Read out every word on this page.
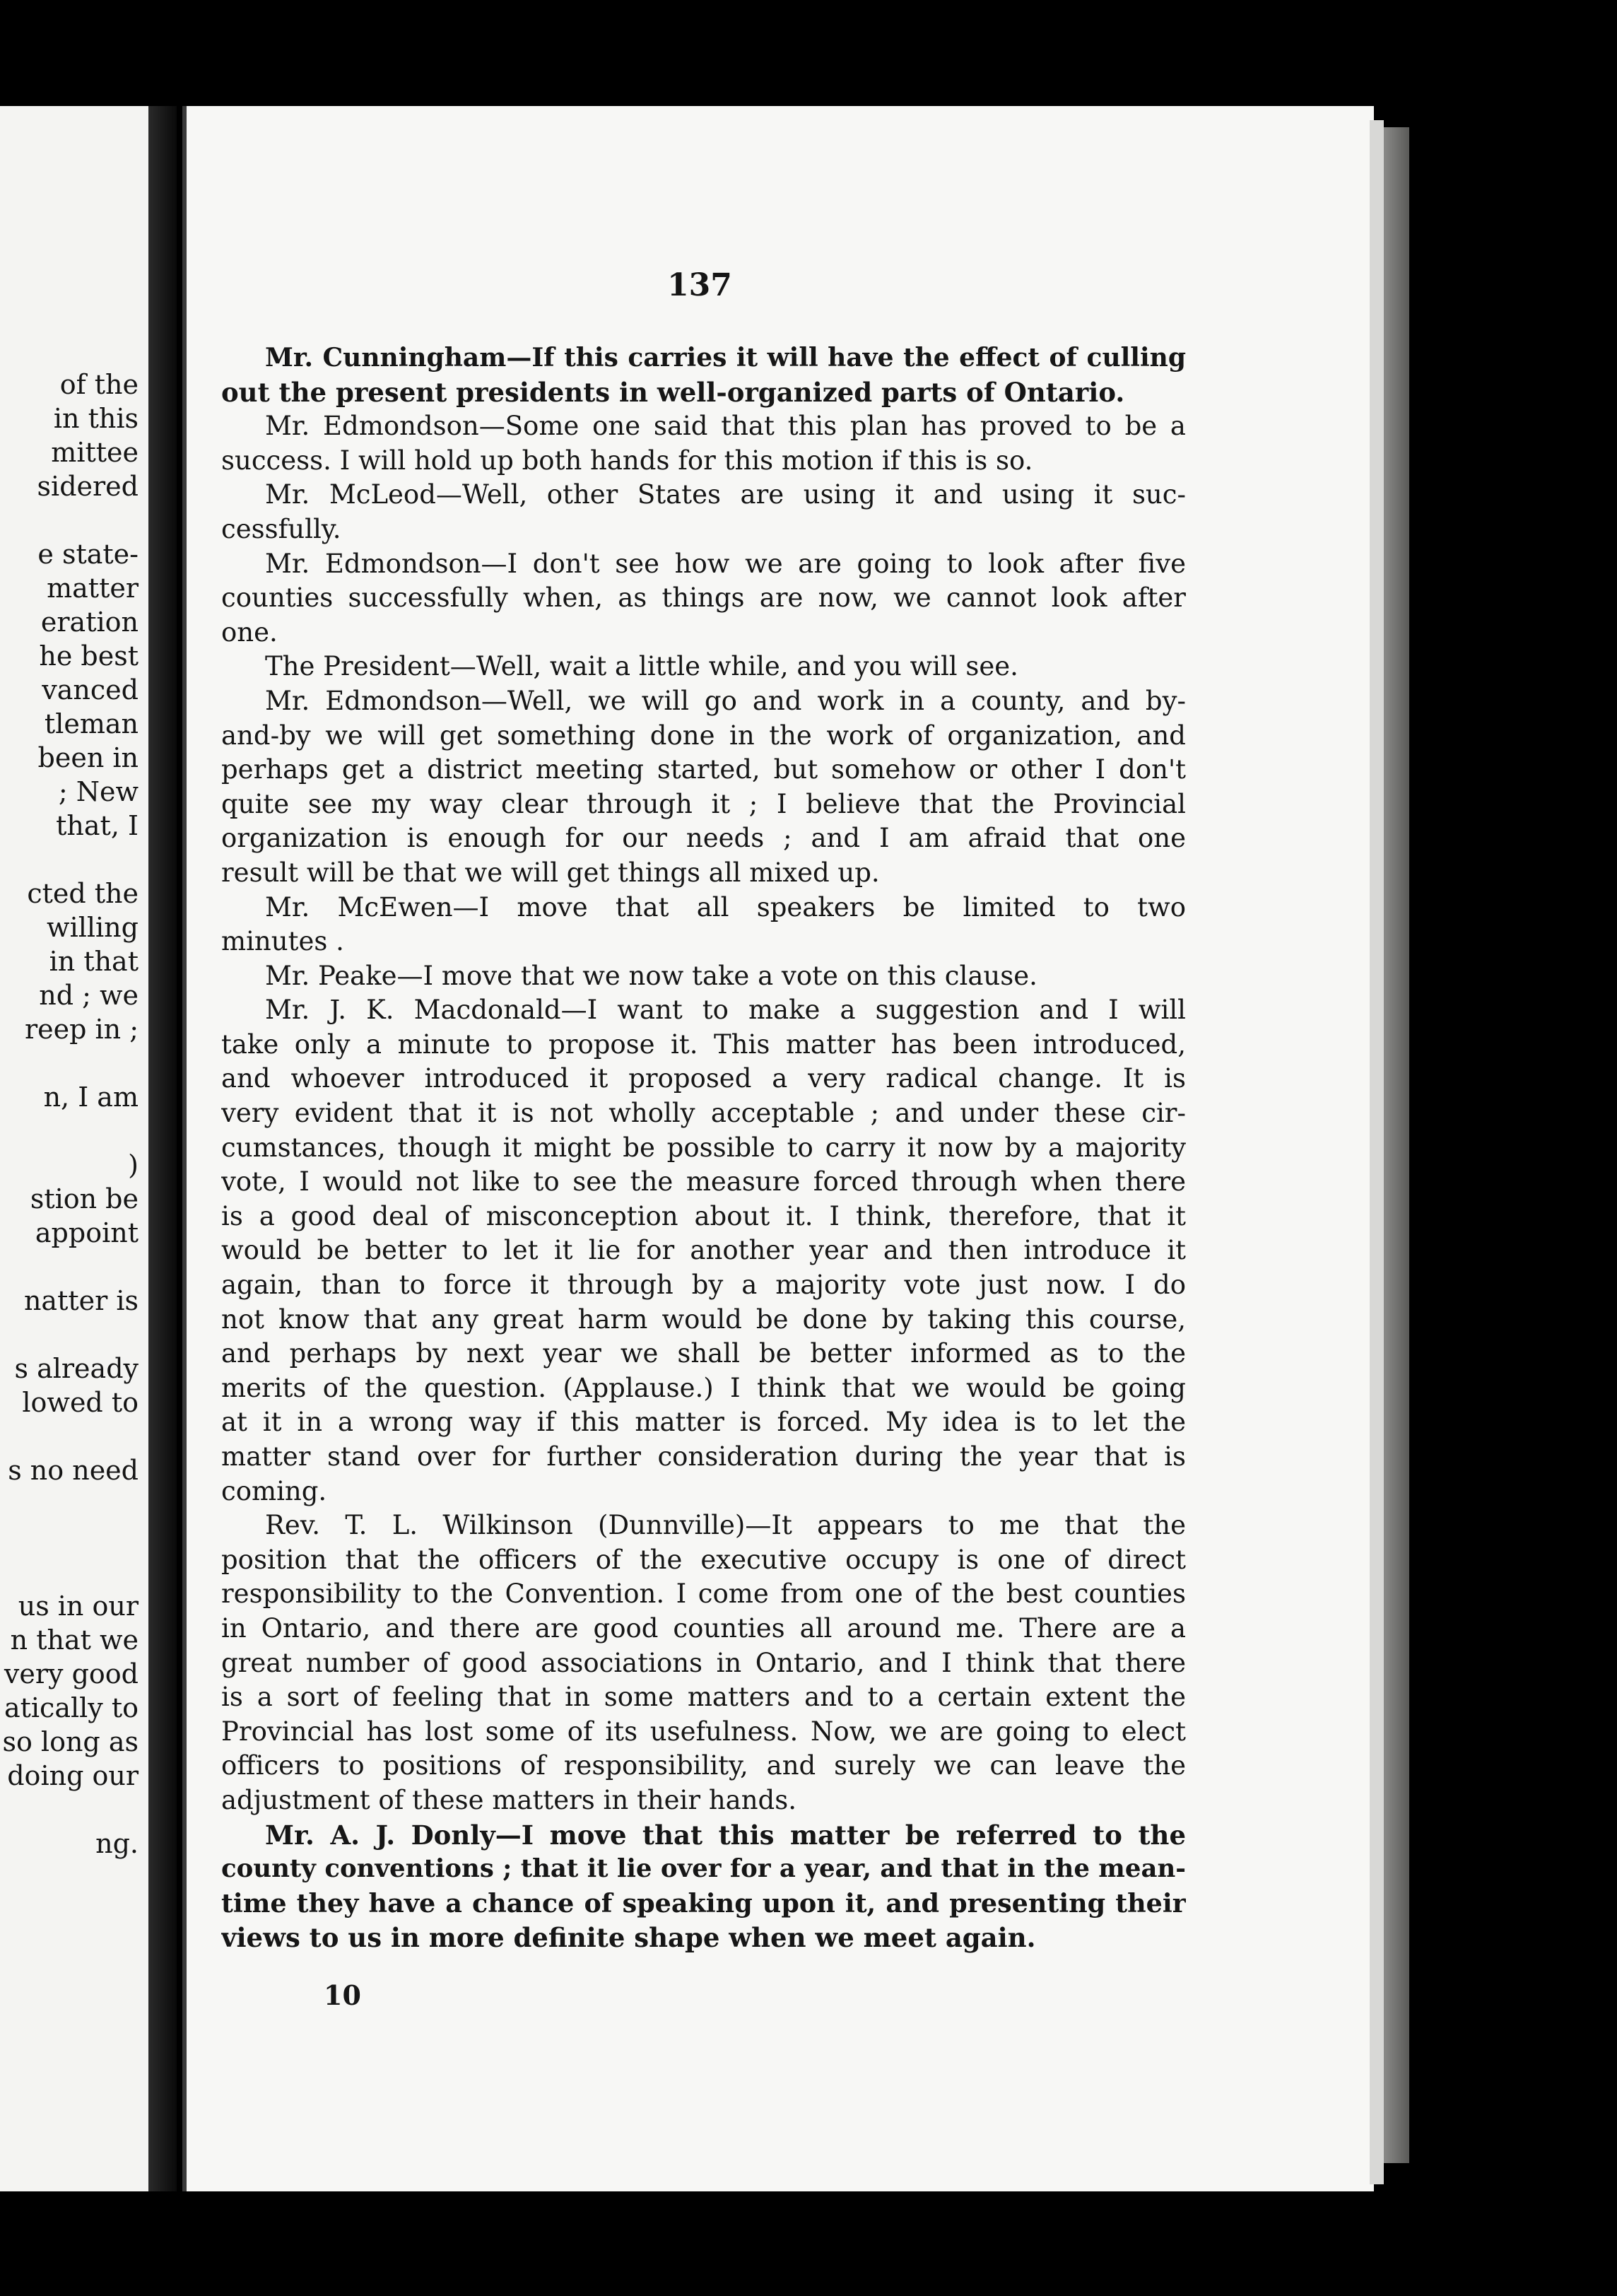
of the
in this
mittee
sidered
e state-
matter
eration
he best
vanced
tleman
been in
; New
that, I
cted the
willing
in that
nd ; we
reep in ;
n, I am
)
stion be
appoint
natter is
s already
lowed to
s no need
us in our
n that we
very good
atically to
so long as
doing our
ng.
137
Mr. Cunningham—If this carries it will have the effect of culling
out the present presidents in well-organized parts of Ontario.
Mr. Edmondson—Some one said that this plan has proved to be a
success. I will hold up both hands for this motion if this is so.
Mr. McLeod—Well, other States are using it and using it suc-
cessfully.
Mr. Edmondson—I don't see how we are going to look after five
counties successfully when, as things are now, we cannot look after
one.
The President—Well, wait a little while, and you will see.
Mr. Edmondson—Well, we will go and work in a county, and by-
and-by we will get something done in the work of organization, and
perhaps get a district meeting started, but somehow or other I don't
quite see my way clear through it ; I believe that the Provincial
organization is enough for our needs ; and I am afraid that one
result will be that we will get things all mixed up.
Mr. McEwen—I move that all speakers be limited to two
minutes .
Mr. Peake—I move that we now take a vote on this clause.
Mr. J. K. Macdonald—I want to make a suggestion and I will
take only a minute to propose it. This matter has been introduced,
and whoever introduced it proposed a very radical change. It is
very evident that it is not wholly acceptable ; and under these cir-
cumstances, though it might be possible to carry it now by a majority
vote, I would not like to see the measure forced through when there
is a good deal of misconception about it. I think, therefore, that it
would be better to let it lie for another year and then introduce it
again, than to force it through by a majority vote just now. I do
not know that any great harm would be done by taking this course,
and perhaps by next year we shall be better informed as to the
merits of the question. (Applause.) I think that we would be going
at it in a wrong way if this matter is forced. My idea is to let the
matter stand over for further consideration during the year that is
coming.
Rev. T. L. Wilkinson (Dunnville)—It appears to me that the
position that the officers of the executive occupy is one of direct
responsibility to the Convention. I come from one of the best counties
in Ontario, and there are good counties all around me. There are a
great number of good associations in Ontario, and I think that there
is a sort of feeling that in some matters and to a certain extent the
Provincial has lost some of its usefulness. Now, we are going to elect
officers to positions of responsibility, and surely we can leave the
adjustment of these matters in their hands.
Mr. A. J. Donly—I move that this matter be referred to the
county conventions ; that it lie over for a year, and that in the mean-
time they have a chance of speaking upon it, and presenting their
views to us in more definite shape when we meet again.
10
